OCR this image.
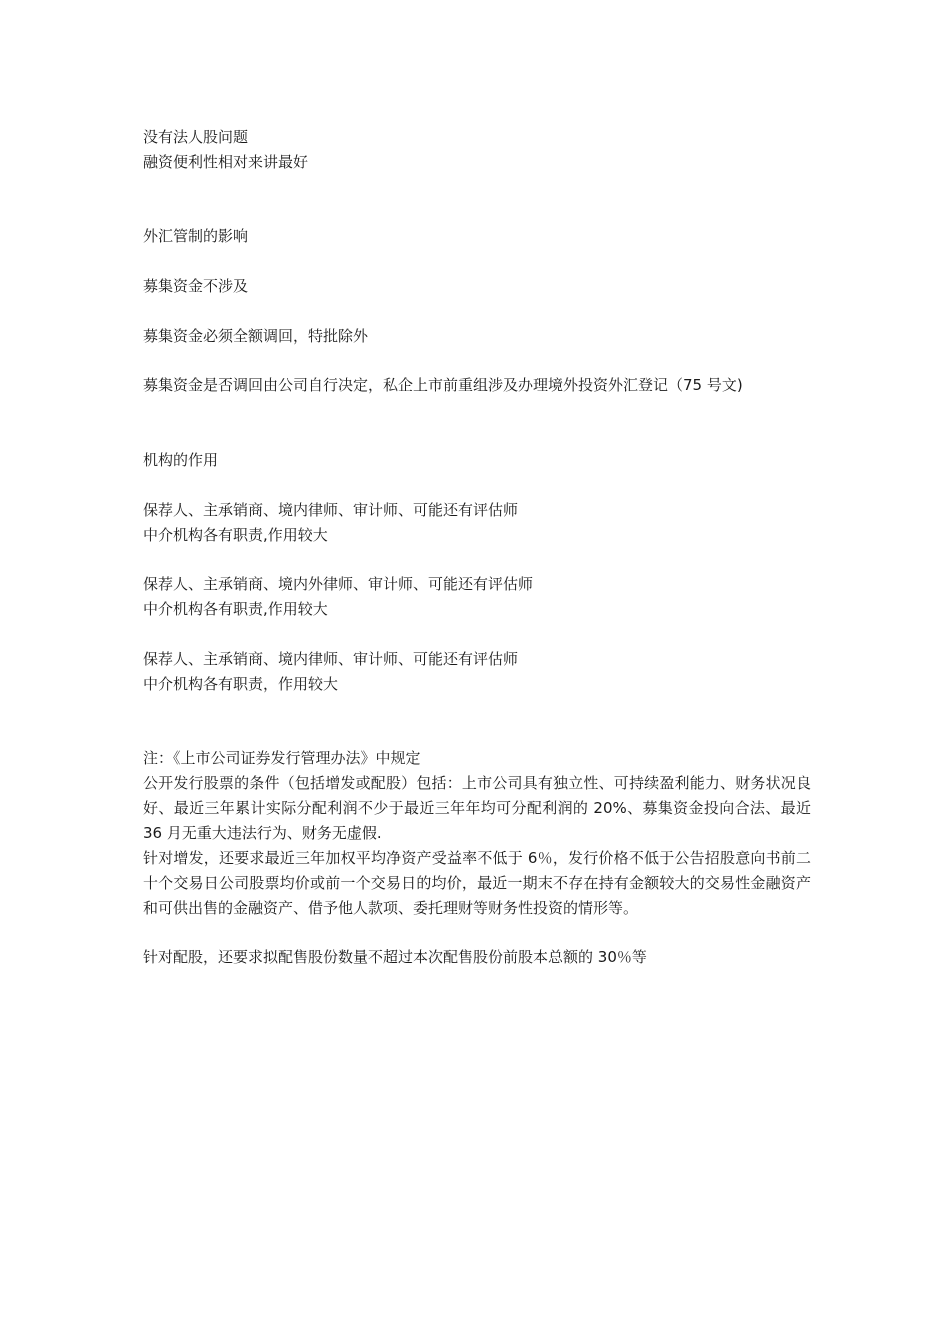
没有法人股问题
融资便利性相对来讲最好
外汇管制的影响
募集资金不涉及
募集资金必须全额调回，特批除外
募集资金是否调回由公司自行决定，私企上市前重组涉及办理境外投资外汇登记（75 号文)
机构的作用
保荐人、主承销商、境内律师、审计师、可能还有评估师
中介机构各有职责,作用较大
保荐人、主承销商、境内外律师、审计师、可能还有评估师
中介机构各有职责,作用较大
保荐人、主承销商、境内律师、审计师、可能还有评估师
中介机构各有职责，作用较大
注：《上市公司证券发行管理办法》中规定
公开发行股票的条件（包括增发或配股）包括：上市公司具有独立性、可持续盈利能力、财务状况良好、最近三年累计实际分配利润不少于最近三年年均可分配利润的 20%、募集资金投向合法、最近 36 月无重大违法行为、财务无虚假.
针对增发，还要求最近三年加权平均净资产受益率不低于 6％，发行价格不低于公告招股意向书前二十个交易日公司股票均价或前一个交易日的均价，最近一期末不存在持有金额较大的交易性金融资产和可供出售的金融资产、借予他人款项、委托理财等财务性投资的情形等。
针对配股，还要求拟配售股份数量不超过本次配售股份前股本总额的 30％等
